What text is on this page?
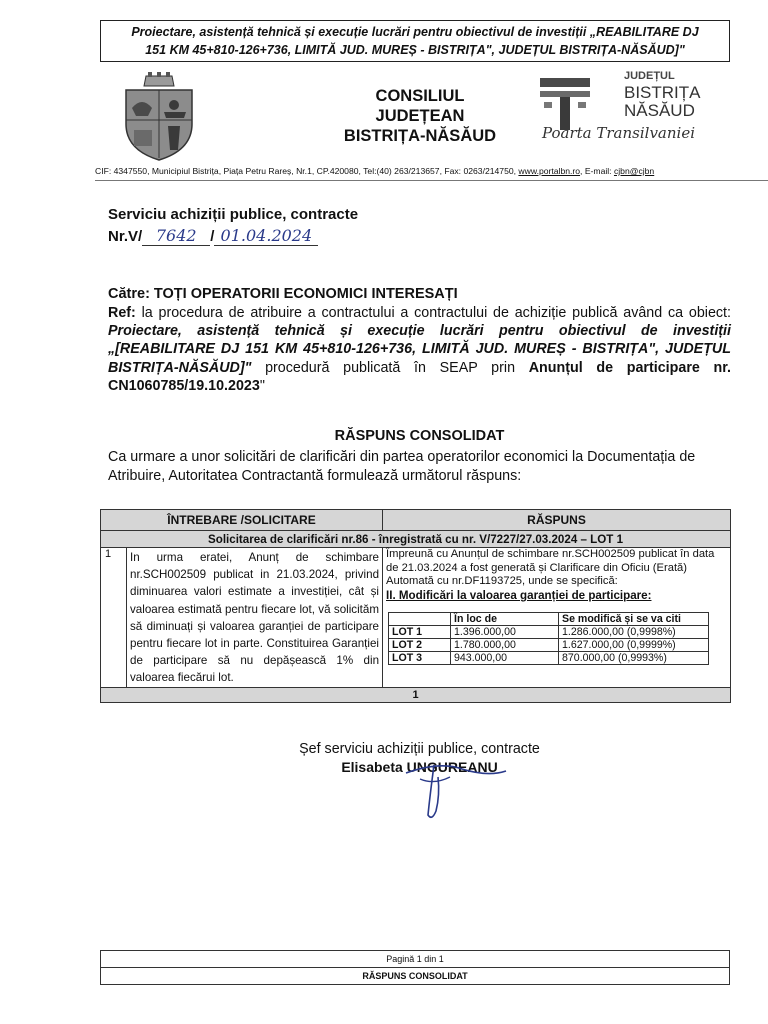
Proiectare, asistență tehnică și execuție lucrări pentru obiectivul de investiții „REABILITARE DJ
151 KM 45+810-126+736, LIMITĂ JUD. MUREȘ - BISTRIȚA", JUDEȚUL BISTRIȚA-NĂSĂUD]"
CONSILIUL
JUDEȚEAN
BISTRIȚA-NĂSĂUD
JUDEȚUL
BISTRIȚA
NĂSĂUD
Poarta Transilvaniei
CIF: 4347550, Municipiul Bistrița, Piața Petru Rareș, Nr.1, CP.420080, Tel:(40) 263/213657, Fax: 0263/214750, www.portalbn.ro, E-mail: cjbn@cjbn
Serviciu achiziții publice, contracte
Nr.V/ 7642 / 01.04.2024
Către: TOȚI OPERATORII ECONOMICI INTERESAȚI
Ref: la procedura de atribuire a contractului a contractului de achiziție publică având ca obiect: Proiectare, asistență tehnică și execuție lucrări pentru obiectivul de investiții „[REABILITARE DJ 151 KM 45+810-126+736, LIMITĂ JUD. MUREȘ - BISTRIȚA", JUDEȚUL BISTRIȚA-NĂSĂUD]" procedură publicată în SEAP prin Anunțul de participare nr. CN1060785/19.10.2023"
RĂSPUNS CONSOLIDAT
Ca urmare a unor solicitări de clarificări din partea operatorilor economici la Documentația de Atribuire, Autoritatea Contractantă formulează următorul răspuns:
ÎNTREBARE /SOLICITARE	RĂSPUNS
Solicitarea de clarificări nr.86 - înregistrată cu nr. V/7227/27.03.2024 – LOT 1
1	In urma eratei, Anunț de schimbare nr.SCH002509 publicat in 21.03.2024, privind diminuarea valori estimate a investiției, cât și valoarea estimată pentru fiecare lot, vă solicităm să diminuați și valoarea garanției de participare pentru fiecare lot in parte. Constituirea Garanției de participare să nu depășească 1% din valoarea fiecărui lot.	
Împreună cu Anunțul de schimbare nr.SCH002509 publicat în data de 21.03.2024 a fost generată și Clarificare din Oficiu (Erată) Automată cu nr.DF1193725, unde se specifică:
II. Modificări la valoarea garanției de participare:
	În loc de	Se modifică și se va citi
LOT 1	1.396.000,00	1.286.000,00 (0,9998%)
LOT 2	1.780.000,00	1.627.000,00 (0,9999%)
LOT 3	943.000,00	870.000,00 (0,9993%)

1
Șef serviciu achiziții publice, contracte
Elisabeta UNGUREANU
Pagină 1 din 1
RĂSPUNS CONSOLIDAT
